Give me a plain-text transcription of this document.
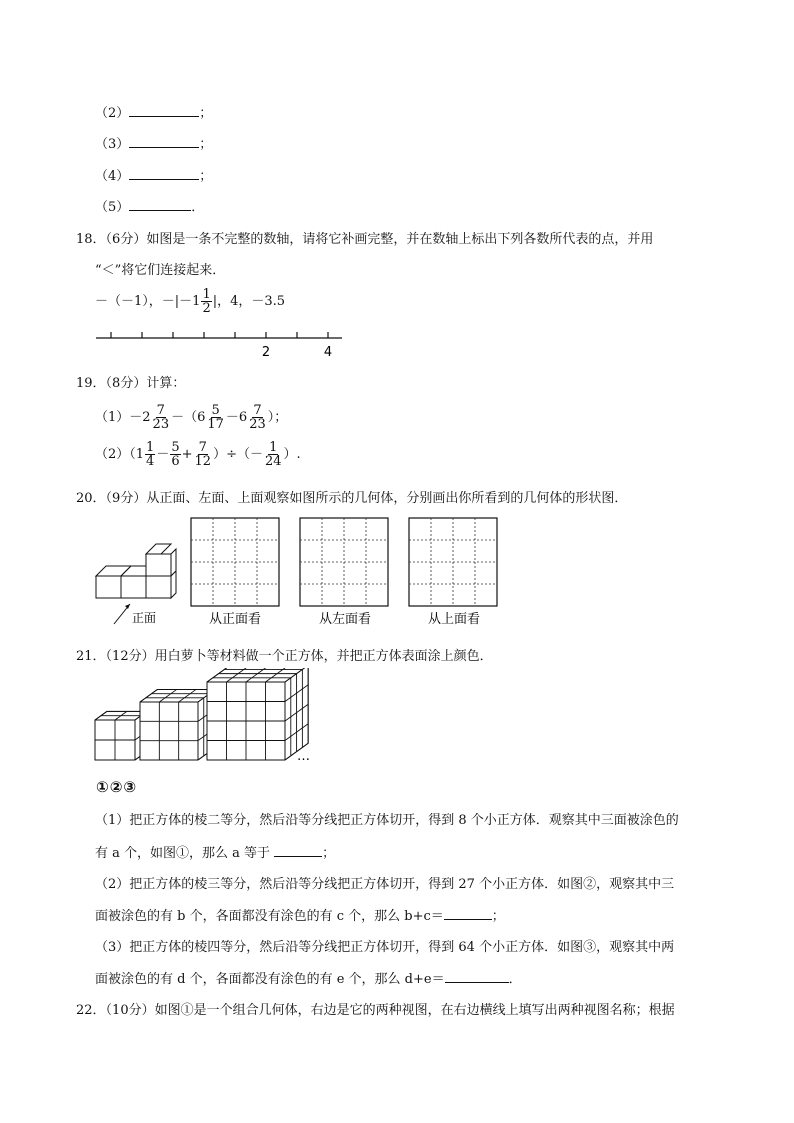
（2）	；
（3）	；
（4）	；
（5）	．
18．（6分）如图是一条不完整的数轴，请将它补画完整，并在数轴上标出下列各数所代表的点，并用
“＜”将它们连接起来．
－（－1），$-|-1 \frac{1}{2}$ |，4，－3.5
2	4
19．（8分）计算：
$(1)-2 \frac{7}{23} -(6 \frac{5}{17} -6 \frac{7}{23}$ ）；
$(2)(1 \frac{1}{4} - \frac{5}{6} + \frac{7}{12}$ ）÷（－ $\frac{1}{24}$ ）.
20．（9分）从正面、左面、上面观察如图所示的几何体，分别画出你所看到的几何体的形状图．
正面	从正面看	从左面看	从上面看
21．（12分）用白萝卜等材料做一个正方体，并把正方体表面涂上颜色．
…
①②③
（1）把正方体的棱二等分，然后沿等分线把正方体切开，得到 8 个小正方体．观察其中三面被涂色的
有 a 个，如图①，那么 a 等于	；
（2）把正方体的棱三等分，然后沿等分线把正方体切开，得到 27 个小正方体．如图②，观察其中三
面被涂色的有 b 个，各面都没有涂色的有 c 个，那么 b+c＝	；
（3）把正方体的棱四等分，然后沿等分线把正方体切开，得到 64 个小正方体．如图③，观察其中两
面被涂色的有 d 个，各面都没有涂色的有 e 个，那么 d+e＝	．
22．（10分）如图①是一个组合几何体，右边是它的两种视图，在右边横线上填写出两种视图名称；根据
